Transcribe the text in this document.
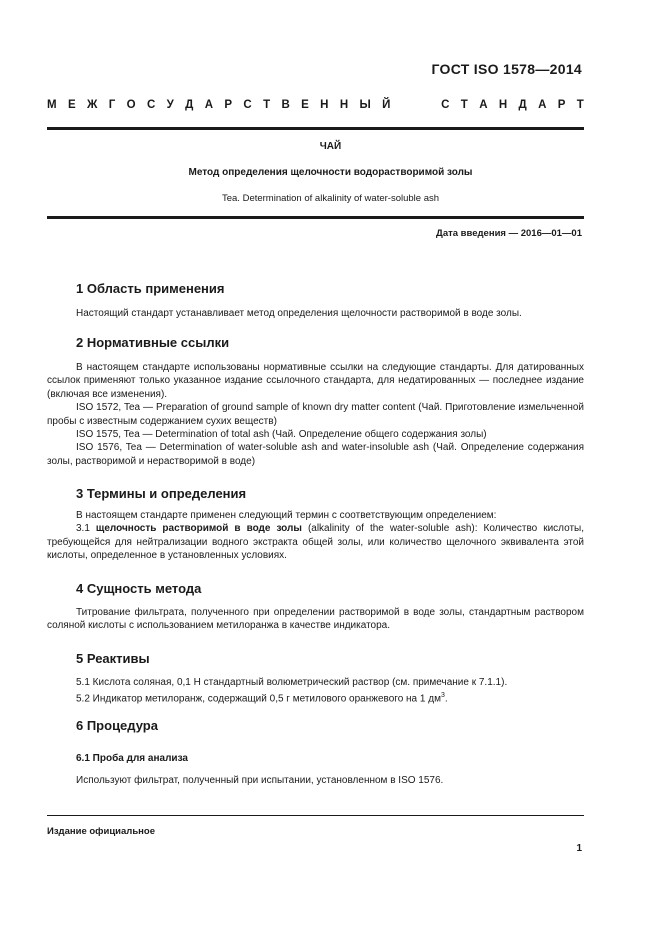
ГОСТ ISO 1578—2014
М Е Ж Г О С У Д А Р С Т В Е Н Н Ы Й	С Т А Н Д А Р Т
ЧАЙ
Метод определения щелочности водорастворимой золы
Tea. Determination of alkalinity of water-soluble ash
Дата введения — 2016—01—01
1 Область применения
Настоящий стандарт устанавливает метод определения щелочности растворимой в воде золы.
2 Нормативные ссылки
В настоящем стандарте использованы нормативные ссылки на следующие стандарты. Для датированных ссылок применяют только указанное издание ссылочного стандарта, для недатированных — последнее издание (включая все изменения).
ISO 1572, Tea — Preparation of ground sample of known dry matter content (Чай. Приготовление измельченной пробы с известным содержанием сухих веществ)
ISO 1575, Tea — Determination of total ash (Чай. Определение общего содержания золы)
ISO 1576, Tea — Determination of water-soluble ash and water-insoluble ash (Чай. Определение содержания золы, растворимой и нерастворимой в воде)
3 Термины и определения
В настоящем стандарте применен следующий термин с соответствующим определением:
3.1 щелочность растворимой в воде золы (alkalinity of the water-soluble ash): Количество кислоты, требующейся для нейтрализации водного экстракта общей золы, или количество щелочного эквивалента этой кислоты, определенное в установленных условиях.
4 Сущность метода
Титрование фильтрата, полученного при определении растворимой в воде золы, стандартным раствором соляной кислоты с использованием метилоранжа в качестве индикатора.
5 Реактивы
5.1 Кислота соляная, 0,1 Н стандартный волюметрический раствор (см. примечание к 7.1.1).
5.2 Индикатор метилоранж, содержащий 0,5 г метилового оранжевого на 1 $дм^3$.
6 Процедура
6.1 Проба для анализа
Используют фильтрат, полученный при испытании, установленном в ISO 1576.
Издание официальное
1
